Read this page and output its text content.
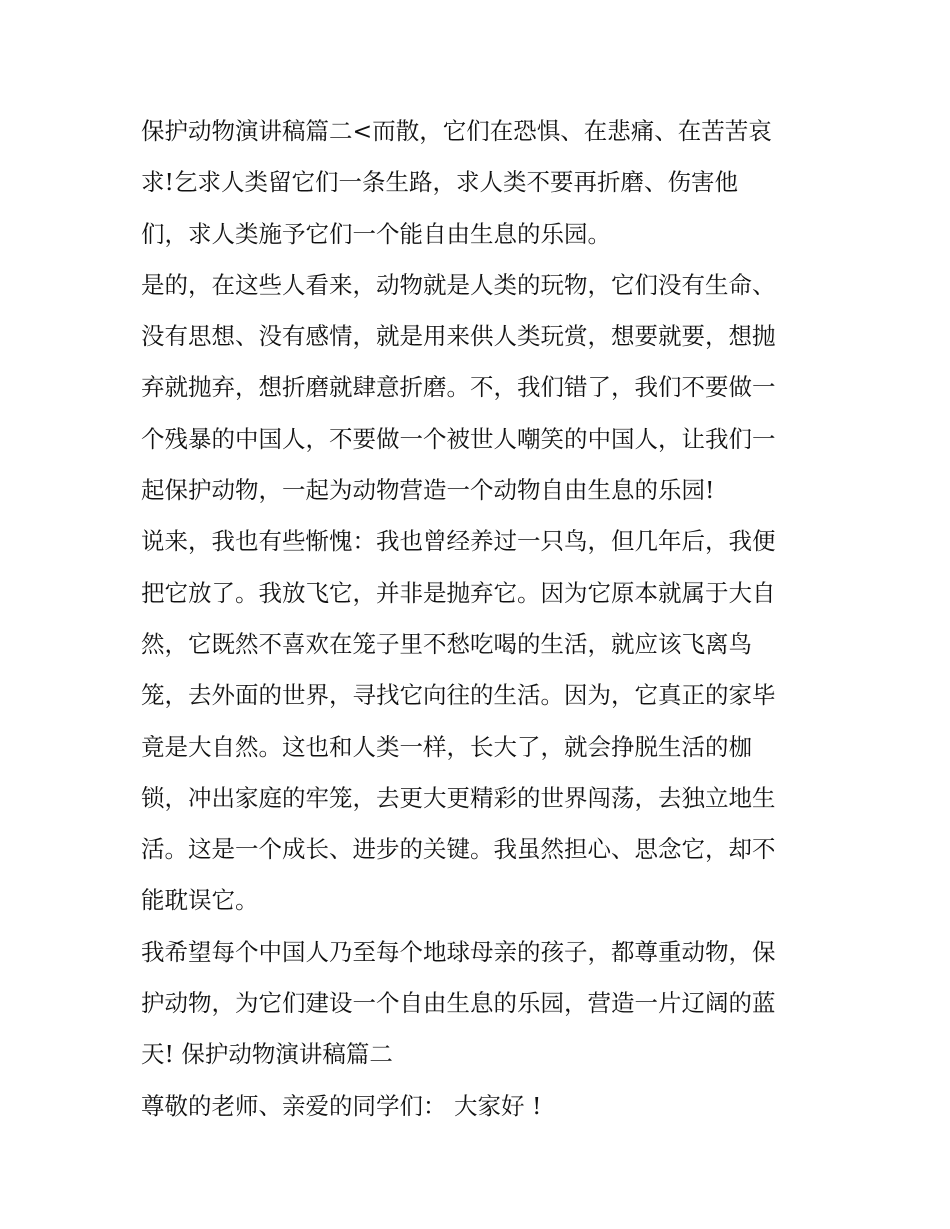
保护动物演讲稿篇二<而散，它们在恐惧、在悲痛、在苦苦哀
求!乞求人类留它们一条生路，求人类不要再折磨、伤害他
们，求人类施予它们一个能自由生息的乐园。
是的，在这些人看来，动物就是人类的玩物，它们没有生命、
没有思想、没有感情，就是用来供人类玩赏，想要就要，想抛
弃就抛弃，想折磨就肆意折磨。不，我们错了，我们不要做一
个残暴的中国人，不要做一个被世人嘲笑的中国人，让我们一
起保护动物，一起为动物营造一个动物自由生息的乐园!
说来，我也有些惭愧：我也曾经养过一只鸟，但几年后，我便
把它放了。我放飞它，并非是抛弃它。因为它原本就属于大自
然，它既然不喜欢在笼子里不愁吃喝的生活，就应该飞离鸟
笼，去外面的世界，寻找它向往的生活。因为，它真正的家毕
竟是大自然。这也和人类一样，长大了，就会挣脱生活的枷
锁，冲出家庭的牢笼，去更大更精彩的世界闯荡，去独立地生
活。这是一个成长、进步的关键。我虽然担心、思念它，却不
能耽误它。
我希望每个中国人乃至每个地球母亲的孩子，都尊重动物，保
护动物，为它们建设一个自由生息的乐园，营造一片辽阔的蓝
天! 保护动物演讲稿篇二
尊敬的老师、亲爱的同学们： 大家好 !
